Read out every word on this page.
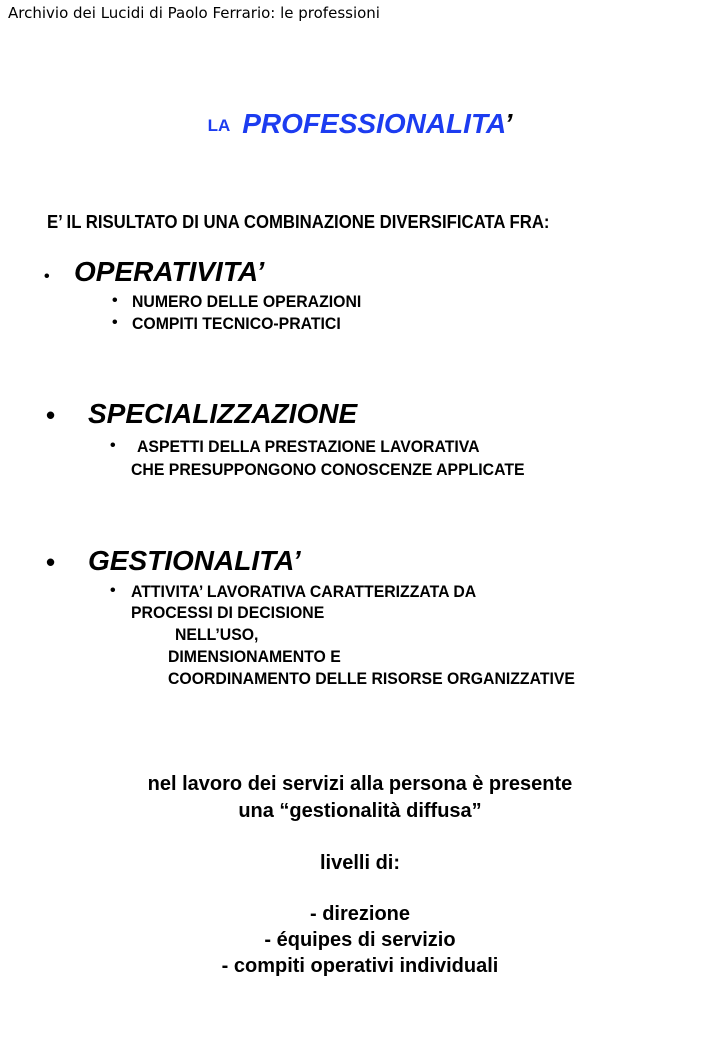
Archivio dei Lucidi di Paolo Ferrario: le professioni
LA PROFESSIONALITA’
E’ IL RISULTATO DI UNA COMBINAZIONE DIVERSIFICATA FRA:
• OPERATIVITA’
• NUMERO DELLE OPERAZIONI
• COMPITI TECNICO-PRATICI
• SPECIALIZZAZIONE
• ASPETTI DELLA PRESTAZIONE LAVORATIVA
CHE PRESUPPONGONO CONOSCENZE APPLICATE
• GESTIONALITA’
• ATTIVITA’ LAVORATIVA CARATTERIZZATA DA
PROCESSI DI DECISIONE
NELL’USO,
DIMENSIONAMENTO E
COORDINAMENTO DELLE RISORSE ORGANIZZATIVE
nel lavoro dei servizi alla persona è presente
una “gestionalità diffusa”
livelli di:
- direzione
- équipes di servizio
- compiti operativi individuali
